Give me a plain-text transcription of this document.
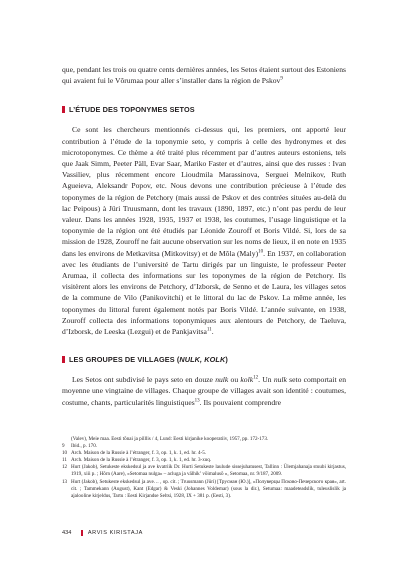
que, pendant les trois ou quatre cents dernières années, les Setos étaient surtout des Estoniens qui avaient fui le Võrumaa pour aller s’installer dans la région de Pskov$^9$

L’ÉTUDE DES TOPONYMES SETOS

Ce sont les chercheurs mentionnés ci-dessus qui, les premiers, ont apporté leur contribution à l’étude de la toponymie seto, y compris à celle des hydronymes et des microtoponymes. Ce thème a été traité plus récemment par d’autres auteurs estoniens, tels que Jaak Simm, Peeter Päll, Evar Saar, Mariko Faster et d’autres, ainsi que des russes : Ivan Vassiliev, plus récemment encore Lioudmila Marassinova, Serguei Melnikov, Ruth Agueieva, Aleksandr Popov, etc. Nous devons une contribution précieuse à l’étude des toponymes de la région de Petchory (mais aussi de Pskov et des contrées situées au-delà du lac Peipous) à Jüri Truusmann, dont les travaux (1890, 1897, etc.) n’ont pas perdu de leur valeur. Dans les années 1928, 1935, 1937 et 1938, les coutumes, l’usage linguistique et la toponymie de la région ont été étudiés par Léonide Zouroff et Boris Vildé. Si, lors de sa mission de 1928, Zouroff ne fait aucune observation sur les noms de lieux, il en note en 1935 dans les environs de Metkavitsa (Mitkovitsy) et de Mõla (Maly)$^{10}$. En 1937, en collaboration avec les étudiants de l’université de Tartu dirigés par un linguiste, le professeur Peeter Arumaa, il collecta des informations sur les toponymes de la région de Petchory. Ils visitèrent alors les environs de Petchory, d’Izborsk, de Senno et de Laura, les villages setos de la commune de Vilo (Panikovitchi) et le littoral du lac de Pskov. La même année, les toponymes du littoral furent également notés par Boris Vildé. L’année suivante, en 1938, Zouroff collecta des informations toponymiques aux alentours de Petchory, de Taeluva, d’Izborsk, de Leeska (Lezgui) et de Pankjavitsa$^{11}$.

LES GROUPES DE VILLAGES ( NULK, KOLK )

Les Setos ont subdivisé le pays seto en douze nulk ou kolk$^{12}$. Un nulk seto comportait en moyenne une vingtaine de villages. Chaque groupe de villages avait son identité : coutumes, costume, chants, particularités linguistiques$^{13}$. Ils pouvaient comprendre

(Valev), Meie maa. Eesti tõnai ja pilllis / 4, Lund: Eesti kirjanike kooperatiiv, 1957, pp. 172-173.

9	Ibid., p. 170.

10 Arch. Maison de la Russie à l’étranger, f. 3, op. 1, k. 1, ed. hr. 4-5.

11 Arch. Maison de la Russie à l’étranger, f. 3, op. 1, k. 1, ed. hr. 3-xuq.

12 Hurt (Jakob), Setukeste ekskedsul ja ave kvatriik Dr. Hurti Setukeste laulude sissejuhatusest, Tallinn : Ülemjahanaja stuubi kirjastus, 1919, xiii p. ; Hõrn (Aare), «Setomaa nulga» – acluga ja välhik’ võimalusõ », Setomaa, nr. 9/187, 2009.

13 Hurt (Jakob), Setukeste ekskedsul ja ave… , op. cit. ; Truusmann (Jüri) [Трусман (Ю.)], «Полуверцы Псково-Печерского края», art. cit. ; Tammekann (August), Kant (Edgar) & Veski (Johannes Voldemar) (sous la dir.), Setumaa: maadeteadslik, tuleuslislik ja ajalooline kirjeldus, Tartu : Eesti Kirjandse Seltsi, 1928, IX + 381 p. (Eesti, 3).

434	ARVIS KIRISTAJA
